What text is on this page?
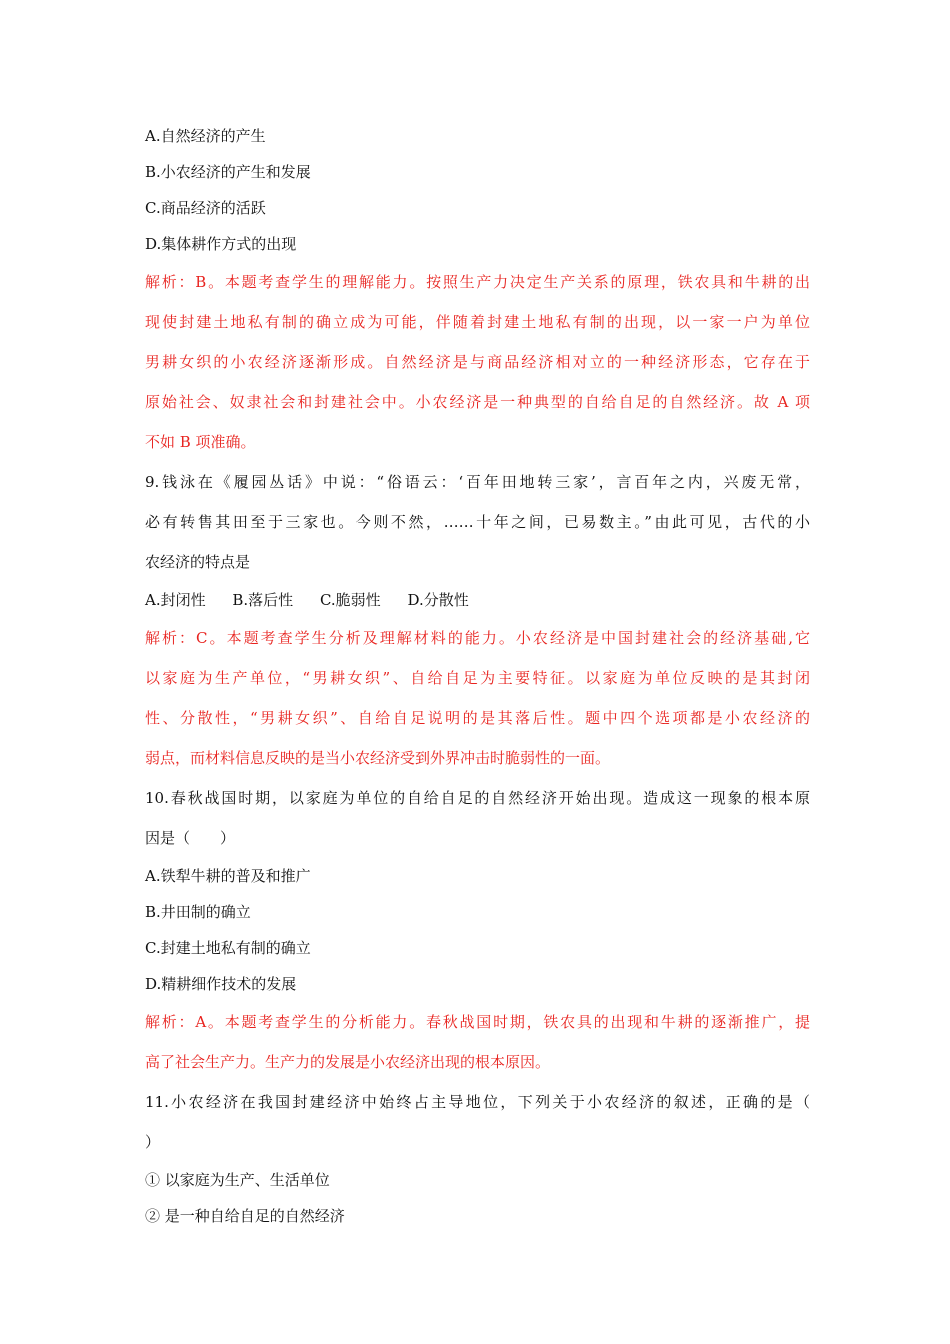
A.自然经济的产生
B.小农经济的产生和发展
C.商品经济的活跃
D.集体耕作方式的出现
解析：B。本题考查学生的理解能力。按照生产力决定生产关系的原理，铁农具和牛耕的出
现使封建土地私有制的确立成为可能，伴随着封建土地私有制的出现，以一家一户为单位
男耕女织的小农经济逐渐形成。自然经济是与商品经济相对立的一种经济形态，它存在于
原始社会、奴隶社会和封建社会中。小农经济是一种典型的自给自足的自然经济。故 A 项
不如 B 项准确。
9.钱泳在《履园丛话》中说：“俗语云：‘百年田地转三家’，言百年之内，兴废无常，
必有转售其田至于三家也。今则不然，……十年之间，已易数主。”由此可见，古代的小
农经济的特点是
A.封闭性 B.落后性 C.脆弱性 D.分散性
解析：C。本题考查学生分析及理解材料的能力。小农经济是中国封建社会的经济基础,它
以家庭为生产单位，“男耕女织”、自给自足为主要特征。以家庭为单位反映的是其封闭
性、分散性，“男耕女织”、自给自足说明的是其落后性。题中四个选项都是小农经济的
弱点，而材料信息反映的是当小农经济受到外界冲击时脆弱性的一面。
10.春秋战国时期，以家庭为单位的自给自足的自然经济开始出现。造成这一现象的根本原
因是（　　）
A.铁犁牛耕的普及和推广
B.井田制的确立
C.封建土地私有制的确立
D.精耕细作技术的发展
解析：A。本题考查学生的分析能力。春秋战国时期，铁农具的出现和牛耕的逐渐推广，提
高了社会生产力。生产力的发展是小农经济出现的根本原因。
11.小农经济在我国封建经济中始终占主导地位，下列关于小农经济的叙述，正确的是（
）
① 以家庭为生产、生活单位
② 是一种自给自足的自然经济
